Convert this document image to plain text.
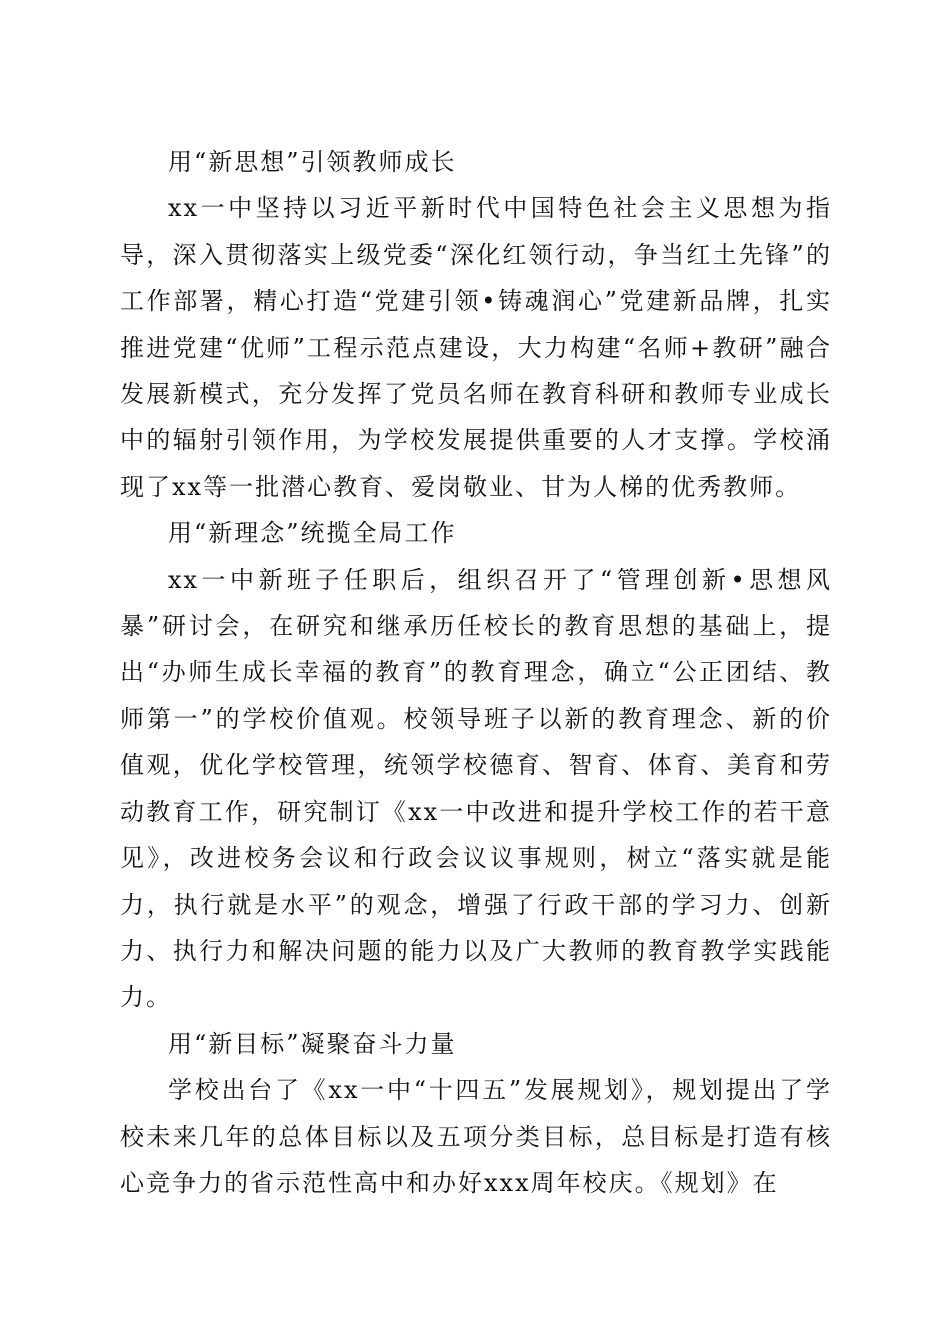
用“新思想”引领教师成长

xx一中坚持以习近平新时代中国特色社会主义思想为指导，深入贯彻落实上级党委“深化红领行动，争当红土先锋”的工作部署，精心打造“党建引领•铸魂润心”党建新品牌，扎实推进党建“优师”工程示范点建设，大力构建“名师+教研”融合发展新模式，充分发挥了党员名师在教育科研和教师专业成长中的辐射引领作用，为学校发展提供重要的人才支撑。学校涌现了xx等一批潜心教育、爱岗敬业、甘为人梯的优秀教师。

用“新理念”统揽全局工作

xx一中新班子任职后，组织召开了“管理创新•思想风暴”研讨会，在研究和继承历任校长的教育思想的基础上，提出“办师生成长幸福的教育”的教育理念，确立“公正团结、教师第一”的学校价值观。校领导班子以新的教育理念、新的价值观，优化学校管理，统领学校德育、智育、体育、美育和劳动教育工作，研究制订《xx一中改进和提升学校工作的若干意见》，改进校务会议和行政会议议事规则，树立“落实就是能力，执行就是水平”的观念，增强了行政干部的学习力、创新力、执行力和解决问题的能力以及广大教师的教育教学实践能力。

用“新目标”凝聚奋斗力量

学校出台了《xx一中“十四五”发展规划》，规划提出了学校未来几年的总体目标以及五项分类目标，总目标是打造有核心竞争力的省示范性高中和办好xxx周年校庆。《规划》在
